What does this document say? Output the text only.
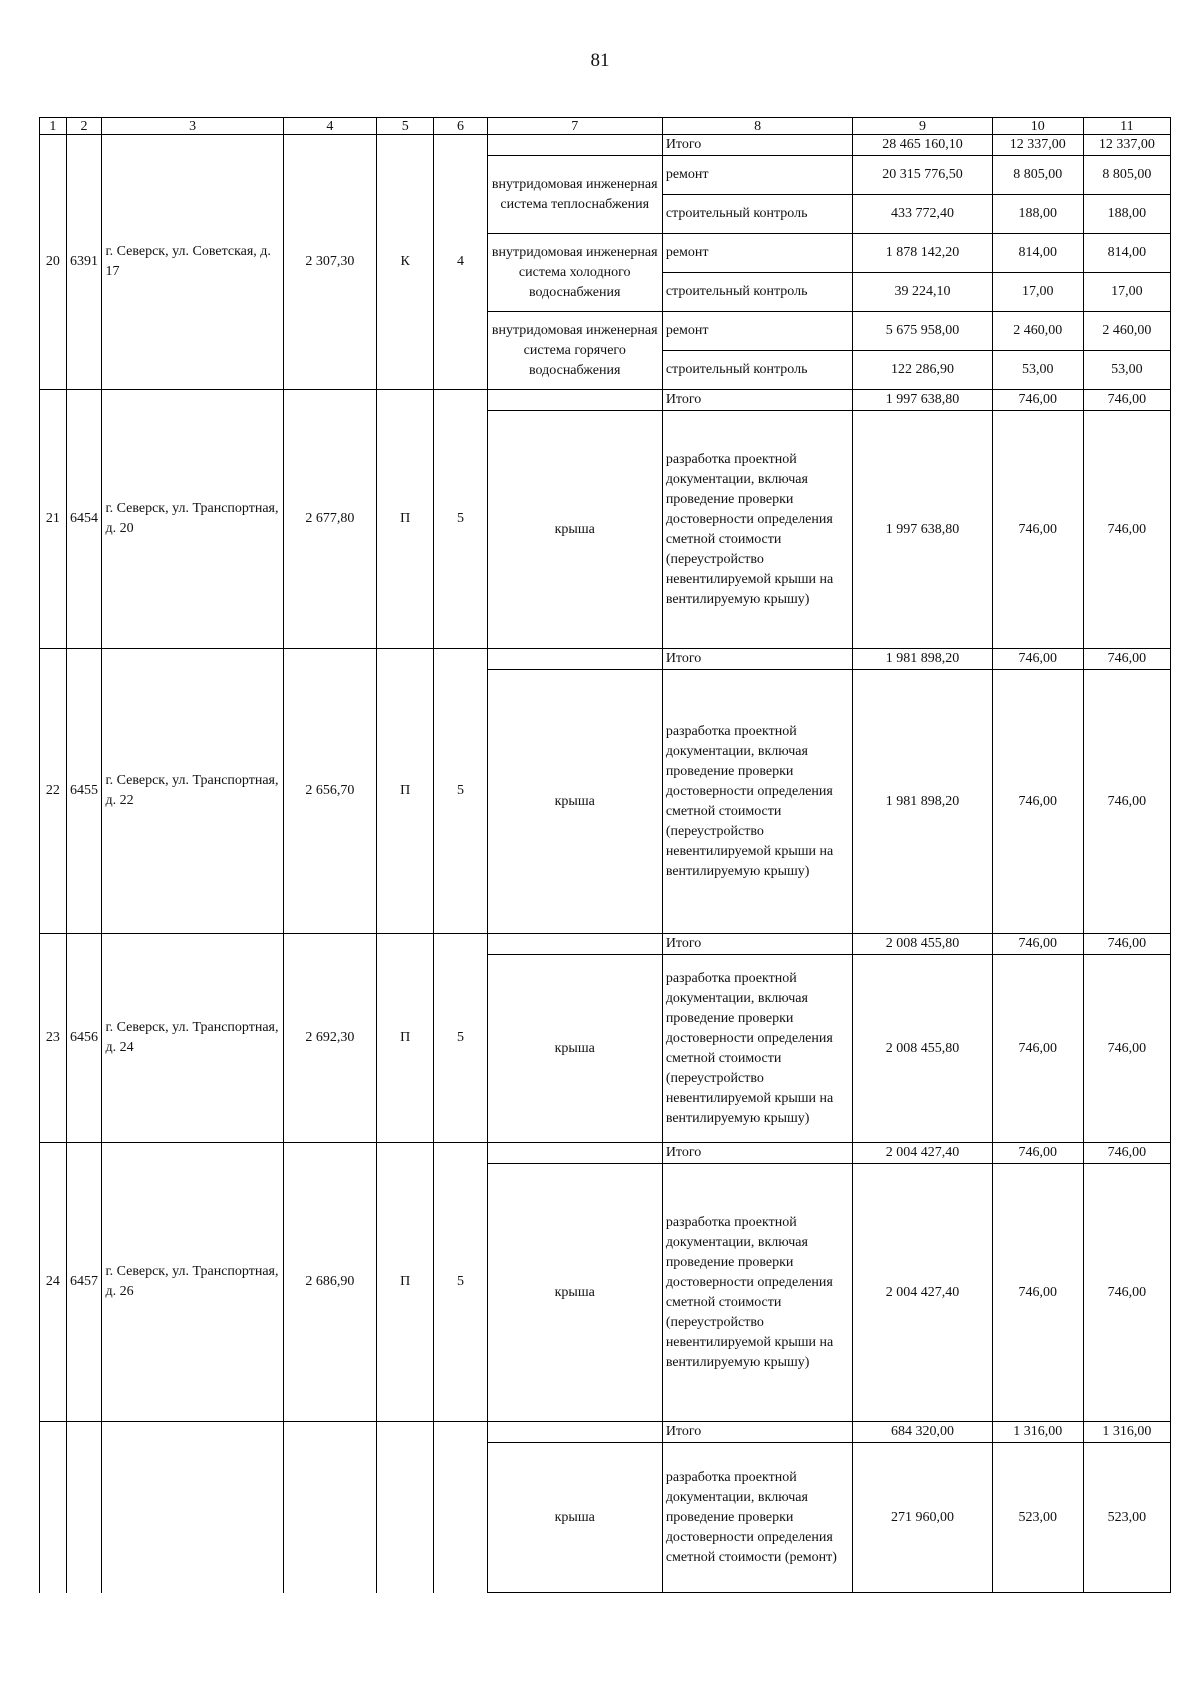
81
1	2	3	4	5	6	7	8	9	10	11
20	6391	г. Северск, ул. Советская, д. 17	2 307,30	К	4		Итого	28 465 160,10	12 337,00	12 337,00
						внутридомовая инженерная система теплоснабжения	ремонт	20 315 776,50	8 805,00	8 805,00
							строительный контроль	433 772,40	188,00	188,00
						внутридомовая инженерная система холодного водоснабжения	ремонт	1 878 142,20	814,00	814,00
							строительный контроль	39 224,10	17,00	17,00
						внутридомовая инженерная система горячего водоснабжения	ремонт	5 675 958,00	2 460,00	2 460,00
							строительный контроль	122 286,90	53,00	53,00
21	6454	г. Северск, ул. Транспортная, д. 20	2 677,80	П	5		Итого	1 997 638,80	746,00	746,00
						крыша	разработка проектной документации, включая проведение проверки достоверности определения сметной стоимости (переустройство невентилируемой крыши на вентилируемую крышу)	1 997 638,80	746,00	746,00
22	6455	г. Северск, ул. Транспортная, д. 22	2 656,70	П	5		Итого	1 981 898,20	746,00	746,00
						крыша	разработка проектной документации, включая проведение проверки достоверности определения сметной стоимости (переустройство невентилируемой крыши на вентилируемую крышу)	1 981 898,20	746,00	746,00
23	6456	г. Северск, ул. Транспортная, д. 24	2 692,30	П	5		Итого	2 008 455,80	746,00	746,00
						крыша	разработка проектной документации, включая проведение проверки достоверности определения сметной стоимости (переустройство невентилируемой крыши на вентилируемую крышу)	2 008 455,80	746,00	746,00
24	6457	г. Северск, ул. Транспортная, д. 26	2 686,90	П	5		Итого	2 004 427,40	746,00	746,00
						крыша	разработка проектной документации, включая проведение проверки достоверности определения сметной стоимости (переустройство невентилируемой крыши на вентилируемую крышу)	2 004 427,40	746,00	746,00
							Итого	684 320,00	1 316,00	1 316,00
						крыша	разработка проектной документации, включая проведение проверки достоверности определения сметной стоимости (ремонт)	271 960,00	523,00	523,00
